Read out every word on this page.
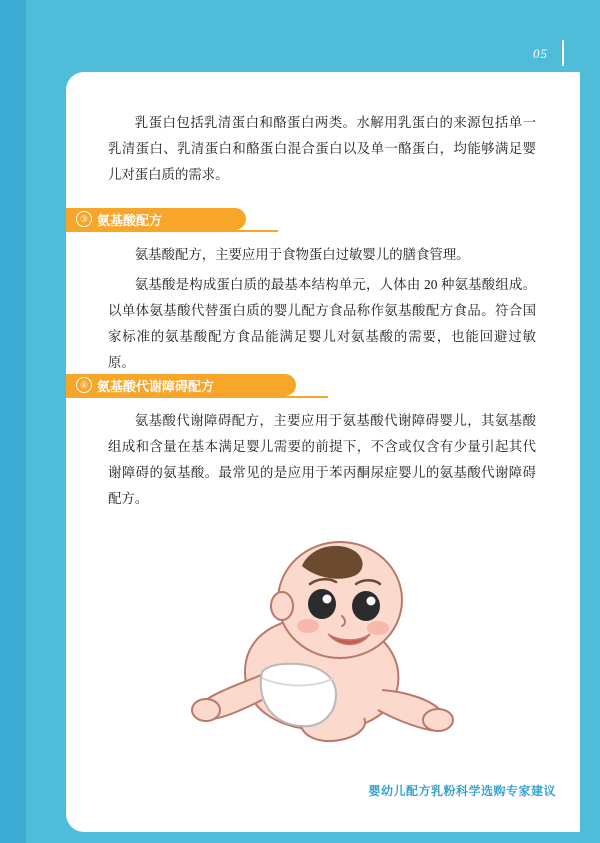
05
乳蛋白包括乳清蛋白和酪蛋白两类。水解用乳蛋白的来源包括单一乳清蛋白、乳清蛋白和酪蛋白混合蛋白以及单一酪蛋白，均能够满足婴儿对蛋白质的需求。
③ 氨基酸配方
氨基酸配方，主要应用于食物蛋白过敏婴儿的膳食管理。
氨基酸是构成蛋白质的最基本结构单元，人体由 20 种氨基酸组成。以单体氨基酸代替蛋白质的婴儿配方食品称作氨基酸配方食品。符合国家标准的氨基酸配方食品能满足婴儿对氨基酸的需要，也能回避过敏原。
④ 氨基酸代谢障碍配方
氨基酸代谢障碍配方，主要应用于氨基酸代谢障碍婴儿，其氨基酸组成和含量在基本满足婴儿需要的前提下，不含或仅含有少量引起其代谢障碍的氨基酸。最常见的是应用于苯丙酮尿症婴儿的氨基酸代谢障碍配方。
婴幼儿配方乳粉科学选购专家建议
